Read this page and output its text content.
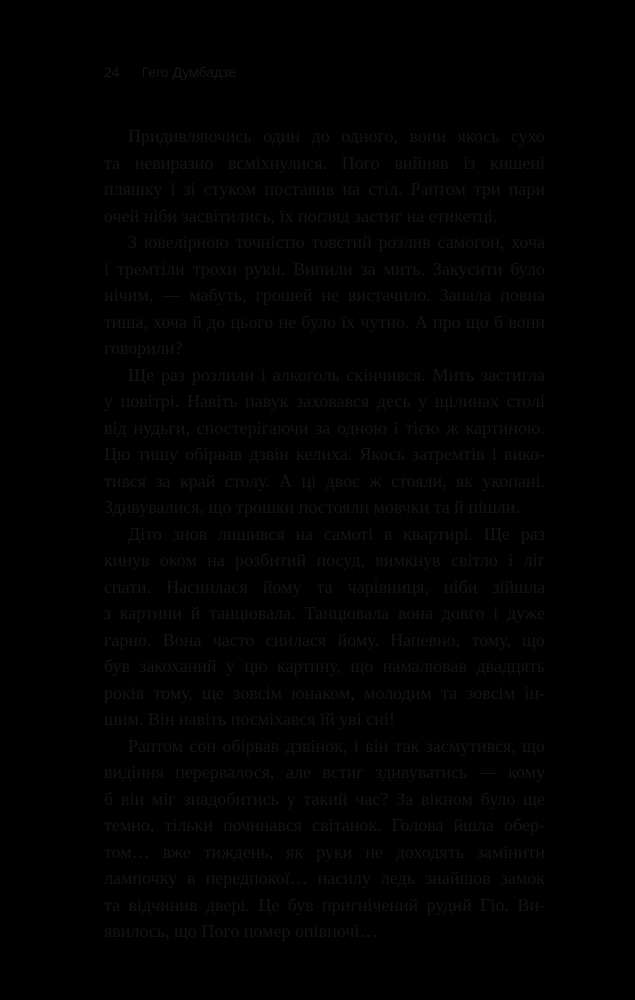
24 Гего Думбадзе
Придивляючись один до одного, вони якось сухо
та невиразно всміхнулися. Пого вийняв із кишені
пляшку і зі стуком поставив на стіл. Раптом три пари
очей ніби засвітились, їх погляд застиг на етикетці.
З ювелірною точністю товстий розлив самогон, хоча
і тремтіли трохи руки. Випили за мить. Закусити було
нічим, — мабуть, грошей не вистачило. Запала повна
тиша, хоча й до цього не було їх чутно. А про що б вони
говорили?
Ще раз розлили і алкоголь скінчився. Мить застигла
у повітрі. Навіть павук заховався десь у щілинах столі
від нудьги, спостерігаючи за одною і тією ж картиною.
Цю тишу обірвав дзвін келиха. Якось затремтів і вико-
тився за край столу. А ці двоє ж стояли, як укопані.
Здивувалися, що трошки постояли мовчки та й пішли.
Діто знов лишився на самоті в квартирі. Ще раз
кинув оком на розбитий посуд, вимкнув світло і ліг
спати. Наснилася йому та чарівниця, ніби зійшла
з картини й танцювала. Танцювала вона довго і дуже
гарно. Вона часто снилася йому. Напевно, тому, що
був закоханий у цю картину, що намалював двадцять
років тому, ще зовсім юнаком, молодим та зовсім ін-
шим. Він навіть посміхався їй уві сні!
Раптом сон обірвав дзвінок, і він так засмутився, що
видіння перервалося, але встиг здивуватись — кому
б він міг знадобитись у такий час? За вікном було ще
темно, тільки починався світанок. Голова йшла обер-
том… вже тиждень, як руки не доходять замінити
лампочку в передпокої… насилу ледь знайшов замок
та відчинив двері. Це був пригнічений рудий Гіо. Ви-
явилось, що Пого помер опівночі…
